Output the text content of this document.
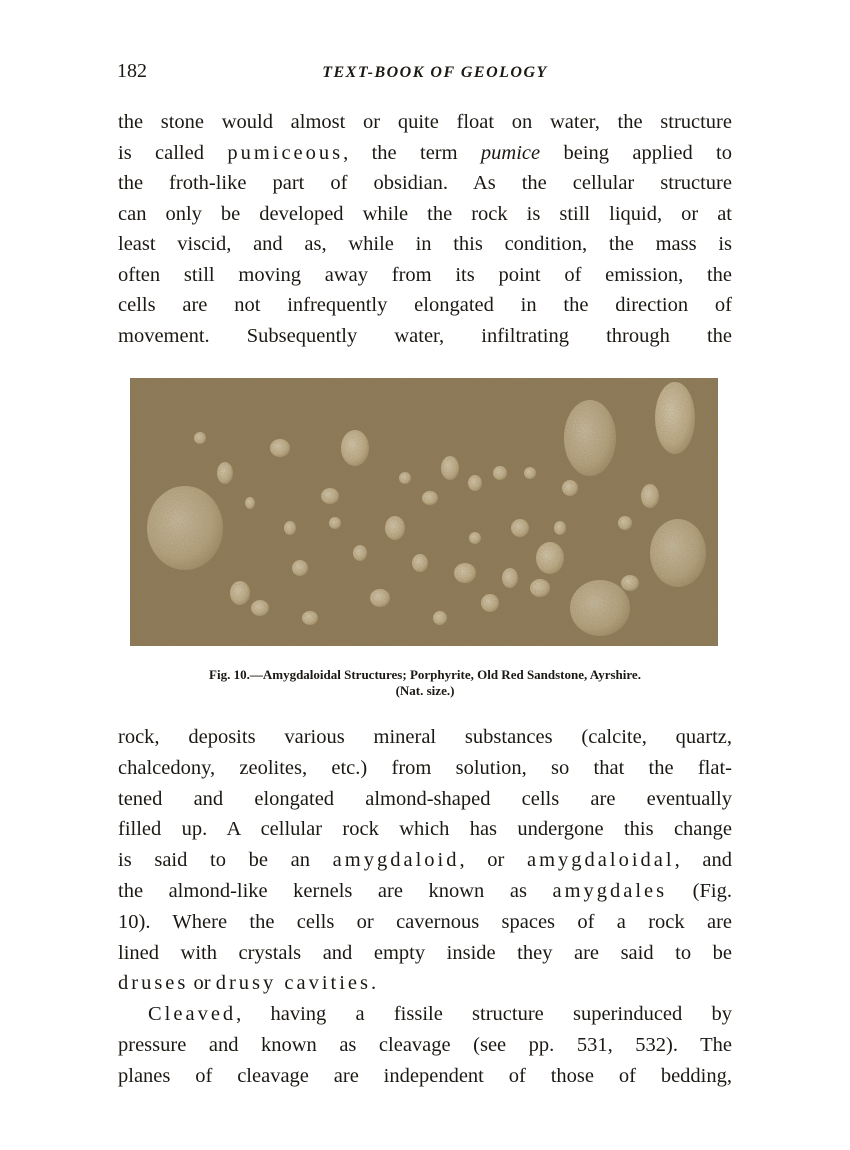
182	TEXT-BOOK OF GEOLOGY
the stone would almost or quite float on water, the structure
is called pumiceous, the term pumice being applied to
the froth-like part of obsidian. As the cellular structure
can only be developed while the rock is still liquid, or at
least viscid, and as, while in this condition, the mass is
often still moving away from its point of emission, the
cells are not infrequently elongated in the direction of
movement. Subsequently water, infiltrating through the
Fig. 10.—Amygdaloidal Structures; Porphyrite, Old Red Sandstone, Ayrshire.
(Nat. size.)
rock, deposits various mineral substances (calcite, quartz,
chalcedony, zeolites, etc.) from solution, so that the flat-
tened and elongated almond-shaped cells are eventually
filled up. A cellular rock which has undergone this change
is said to be an amygdaloid, or amygdaloidal, and
the almond-like kernels are known as amygdales (Fig.
10). Where the cells or cavernous spaces of a rock are
lined with crystals and empty inside they are said to be
druses or drusy cavities.
Cleaved, having a fissile structure superinduced by
pressure and known as cleavage (see pp. 531, 532). The
planes of cleavage are independent of those of bedding,
